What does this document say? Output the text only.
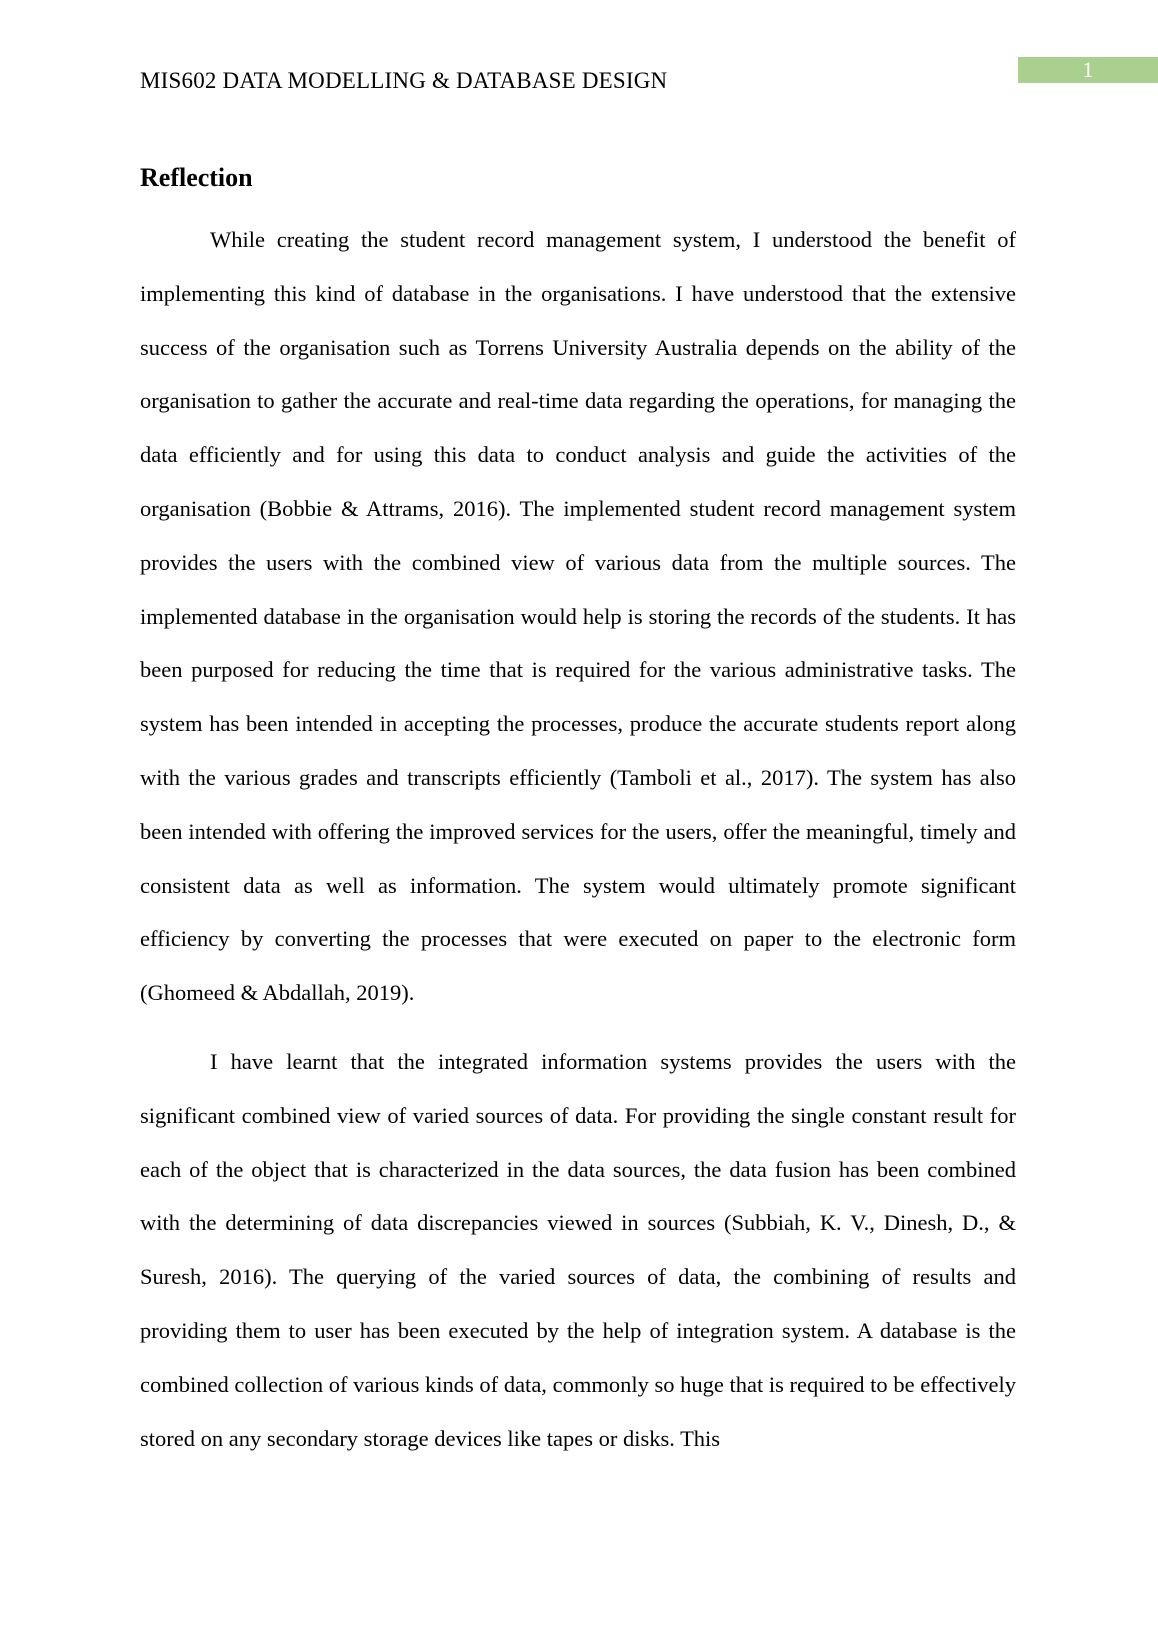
1
MIS602 DATA MODELLING & DATABASE DESIGN
Reflection

While creating the student record management system, I understood the benefit of implementing this kind of database in the organisations. I have understood that the extensive success of the organisation such as Torrens University Australia depends on the ability of the organisation to gather the accurate and real-time data regarding the operations, for managing the data efficiently and for using this data to conduct analysis and guide the activities of the organisation (Bobbie & Attrams, 2016). The implemented student record management system provides the users with the combined view of various data from the multiple sources. The implemented database in the organisation would help is storing the records of the students. It has been purposed for reducing the time that is required for the various administrative tasks. The system has been intended in accepting the processes, produce the accurate students report along with the various grades and transcripts efficiently (Tamboli et al., 2017). The system has also been intended with offering the improved services for the users, offer the meaningful, timely and consistent data as well as information. The system would ultimately promote significant efficiency by converting the processes that were executed on paper to the electronic form (Ghomeed & Abdallah, 2019).

I have learnt that the integrated information systems provides the users with the significant combined view of varied sources of data. For providing the single constant result for each of the object that is characterized in the data sources, the data fusion has been combined with the determining of data discrepancies viewed in sources (Subbiah, K. V., Dinesh, D., & Suresh, 2016). The querying of the varied sources of data, the combining of results and providing them to user has been executed by the help of integration system. A database is the combined collection of various kinds of data, commonly so huge that is required to be effectively stored on any secondary storage devices like tapes or disks. This
